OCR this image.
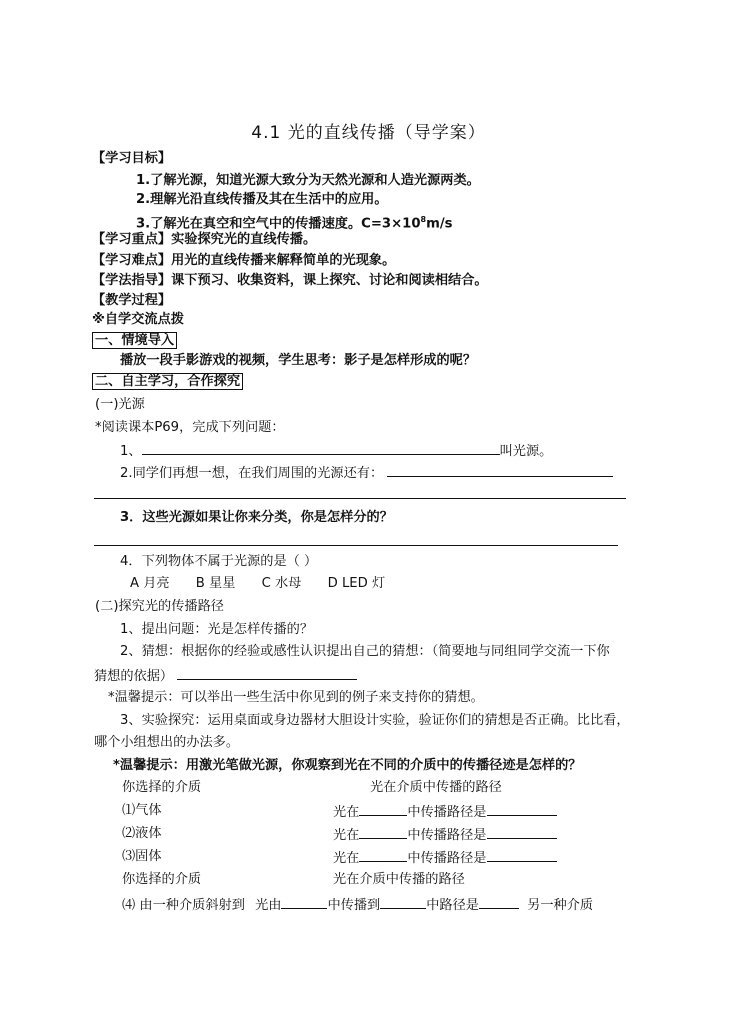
4.1 光的直线传播（导学案）
【学习目标】
1.了解光源，知道光源大致分为天然光源和人造光源两类。
2.理解光沿直线传播及其在生活中的应用。
3.了解光在真空和空气中的传播速度。$C=3\times 10^8m/s$
【学习重点】实验探究光的直线传播。
【学习难点】用光的直线传播来解释简单的光现象。
【学法指导】课下预习、收集资料，课上探究、讨论和阅读相结合。
【教学过程】
※自学交流点拨
一、情境导入
播放一段手影游戏的视频，学生思考：影子是怎样形成的呢？
二、自主学习，合作探究
(一)光源
*阅读课本P69，完成下列问题：
1、	叫光源。
2.同学们再想一想，在我们周围的光源还有：
3．这些光源如果让你来分类，你是怎样分的？
4．下列物体不属于光源的是（ ）
A 月亮 B 星星 C 水母 D LED 灯
(二)探究光的传播路径
1、提出问题：光是怎样传播的？
2、猜想：根据你的经验或感性认识提出自己的猜想：（简要地与同组同学交流一下你
猜想的依据）
*温馨提示：可以举出一些生活中你见到的例子来支持你的猜想。
3、实验探究：运用桌面或身边器材大胆设计实验，验证你们的猜想是否正确。比比看，
哪个小组想出的办法多。
*温馨提示：用激光笔做光源，你观察到光在不同的介质中的传播径迹是怎样的？
你选择的介质	光在介质中传播的路径
⑴气体	光在	中传播路径是
⑵液体	光在	中传播路径是
⑶固体	光在	中传播路径是
你选择的介质	光在介质中传播的路径
⑷ 由一种介质斜射到 光由	中传播到	中路径是	另一种介质
